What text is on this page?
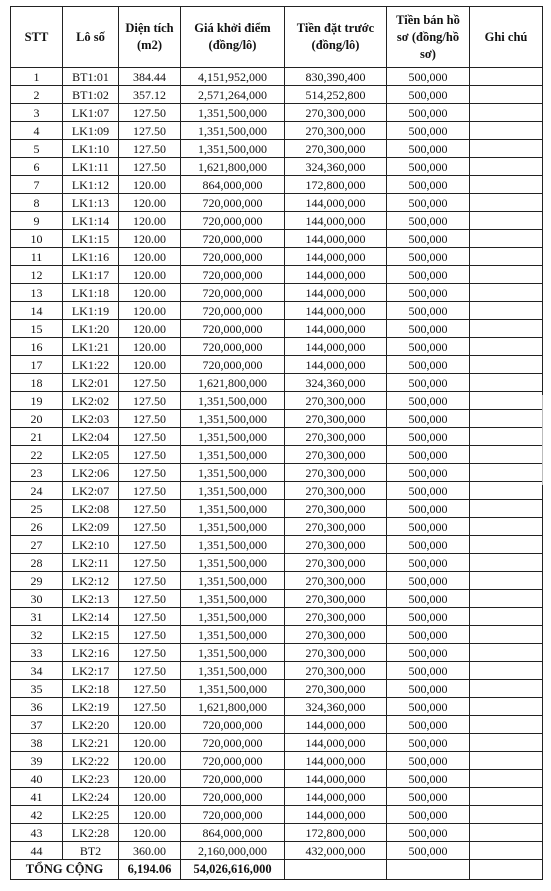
STT	Lô số	Diện tích (m2)	Giá khởi điểm (đồng/lô)	Tiền đặt trước (đồng/lô)	Tiền bán hồ sơ (đồng/hồ sơ)	Ghi chú
1	BT1:01	384.44	4,151,952,000	830,390,400	500,000	
2	BT1:02	357.12	2,571,264,000	514,252,800	500,000	
3	LK1:07	127.50	1,351,500,000	270,300,000	500,000	
4	LK1:09	127.50	1,351,500,000	270,300,000	500,000	
5	LK1:10	127.50	1,351,500,000	270,300,000	500,000	
6	LK1:11	127.50	1,621,800,000	324,360,000	500,000	
7	LK1:12	120.00	864,000,000	172,800,000	500,000	
8	LK1:13	120.00	720,000,000	144,000,000	500,000	
9	LK1:14	120.00	720,000,000	144,000,000	500,000	
10	LK1:15	120.00	720,000,000	144,000,000	500,000	
11	LK1:16	120.00	720,000,000	144,000,000	500,000	
12	LK1:17	120.00	720,000,000	144,000,000	500,000	
13	LK1:18	120.00	720,000,000	144,000,000	500,000	
14	LK1:19	120.00	720,000,000	144,000,000	500,000	
15	LK1:20	120.00	720,000,000	144,000,000	500,000	
16	LK1:21	120.00	720,000,000	144,000,000	500,000	
17	LK1:22	120.00	720,000,000	144,000,000	500,000	
18	LK2:01	127.50	1,621,800,000	324,360,000	500,000	
19	LK2:02	127.50	1,351,500,000	270,300,000	500,000	
20	LK2:03	127.50	1,351,500,000	270,300,000	500,000	
21	LK2:04	127.50	1,351,500,000	270,300,000	500,000	
22	LK2:05	127.50	1,351,500,000	270,300,000	500,000	
23	LK2:06	127.50	1,351,500,000	270,300,000	500,000	
24	LK2:07	127.50	1,351,500,000	270,300,000	500,000	
25	LK2:08	127.50	1,351,500,000	270,300,000	500,000	
26	LK2:09	127.50	1,351,500,000	270,300,000	500,000	
27	LK2:10	127.50	1,351,500,000	270,300,000	500,000	
28	LK2:11	127.50	1,351,500,000	270,300,000	500,000	
29	LK2:12	127.50	1,351,500,000	270,300,000	500,000	
30	LK2:13	127.50	1,351,500,000	270,300,000	500,000	
31	LK2:14	127.50	1,351,500,000	270,300,000	500,000	
32	LK2:15	127.50	1,351,500,000	270,300,000	500,000	
33	LK2:16	127.50	1,351,500,000	270,300,000	500,000	
34	LK2:17	127.50	1,351,500,000	270,300,000	500,000	
35	LK2:18	127.50	1,351,500,000	270,300,000	500,000	
36	LK2:19	127.50	1,621,800,000	324,360,000	500,000	
37	LK2:20	120.00	720,000,000	144,000,000	500,000	
38	LK2:21	120.00	720,000,000	144,000,000	500,000	
39	LK2:22	120.00	720,000,000	144,000,000	500,000	
40	LK2:23	120.00	720,000,000	144,000,000	500,000	
41	LK2:24	120.00	720,000,000	144,000,000	500,000	
42	LK2:25	120.00	720,000,000	144,000,000	500,000	
43	LK2:28	120.00	864,000,000	172,800,000	500,000	
44	BT2	360.00	2,160,000,000	432,000,000	500,000	
TỔNG CỘNG		6,194.06	54,026,616,000			
